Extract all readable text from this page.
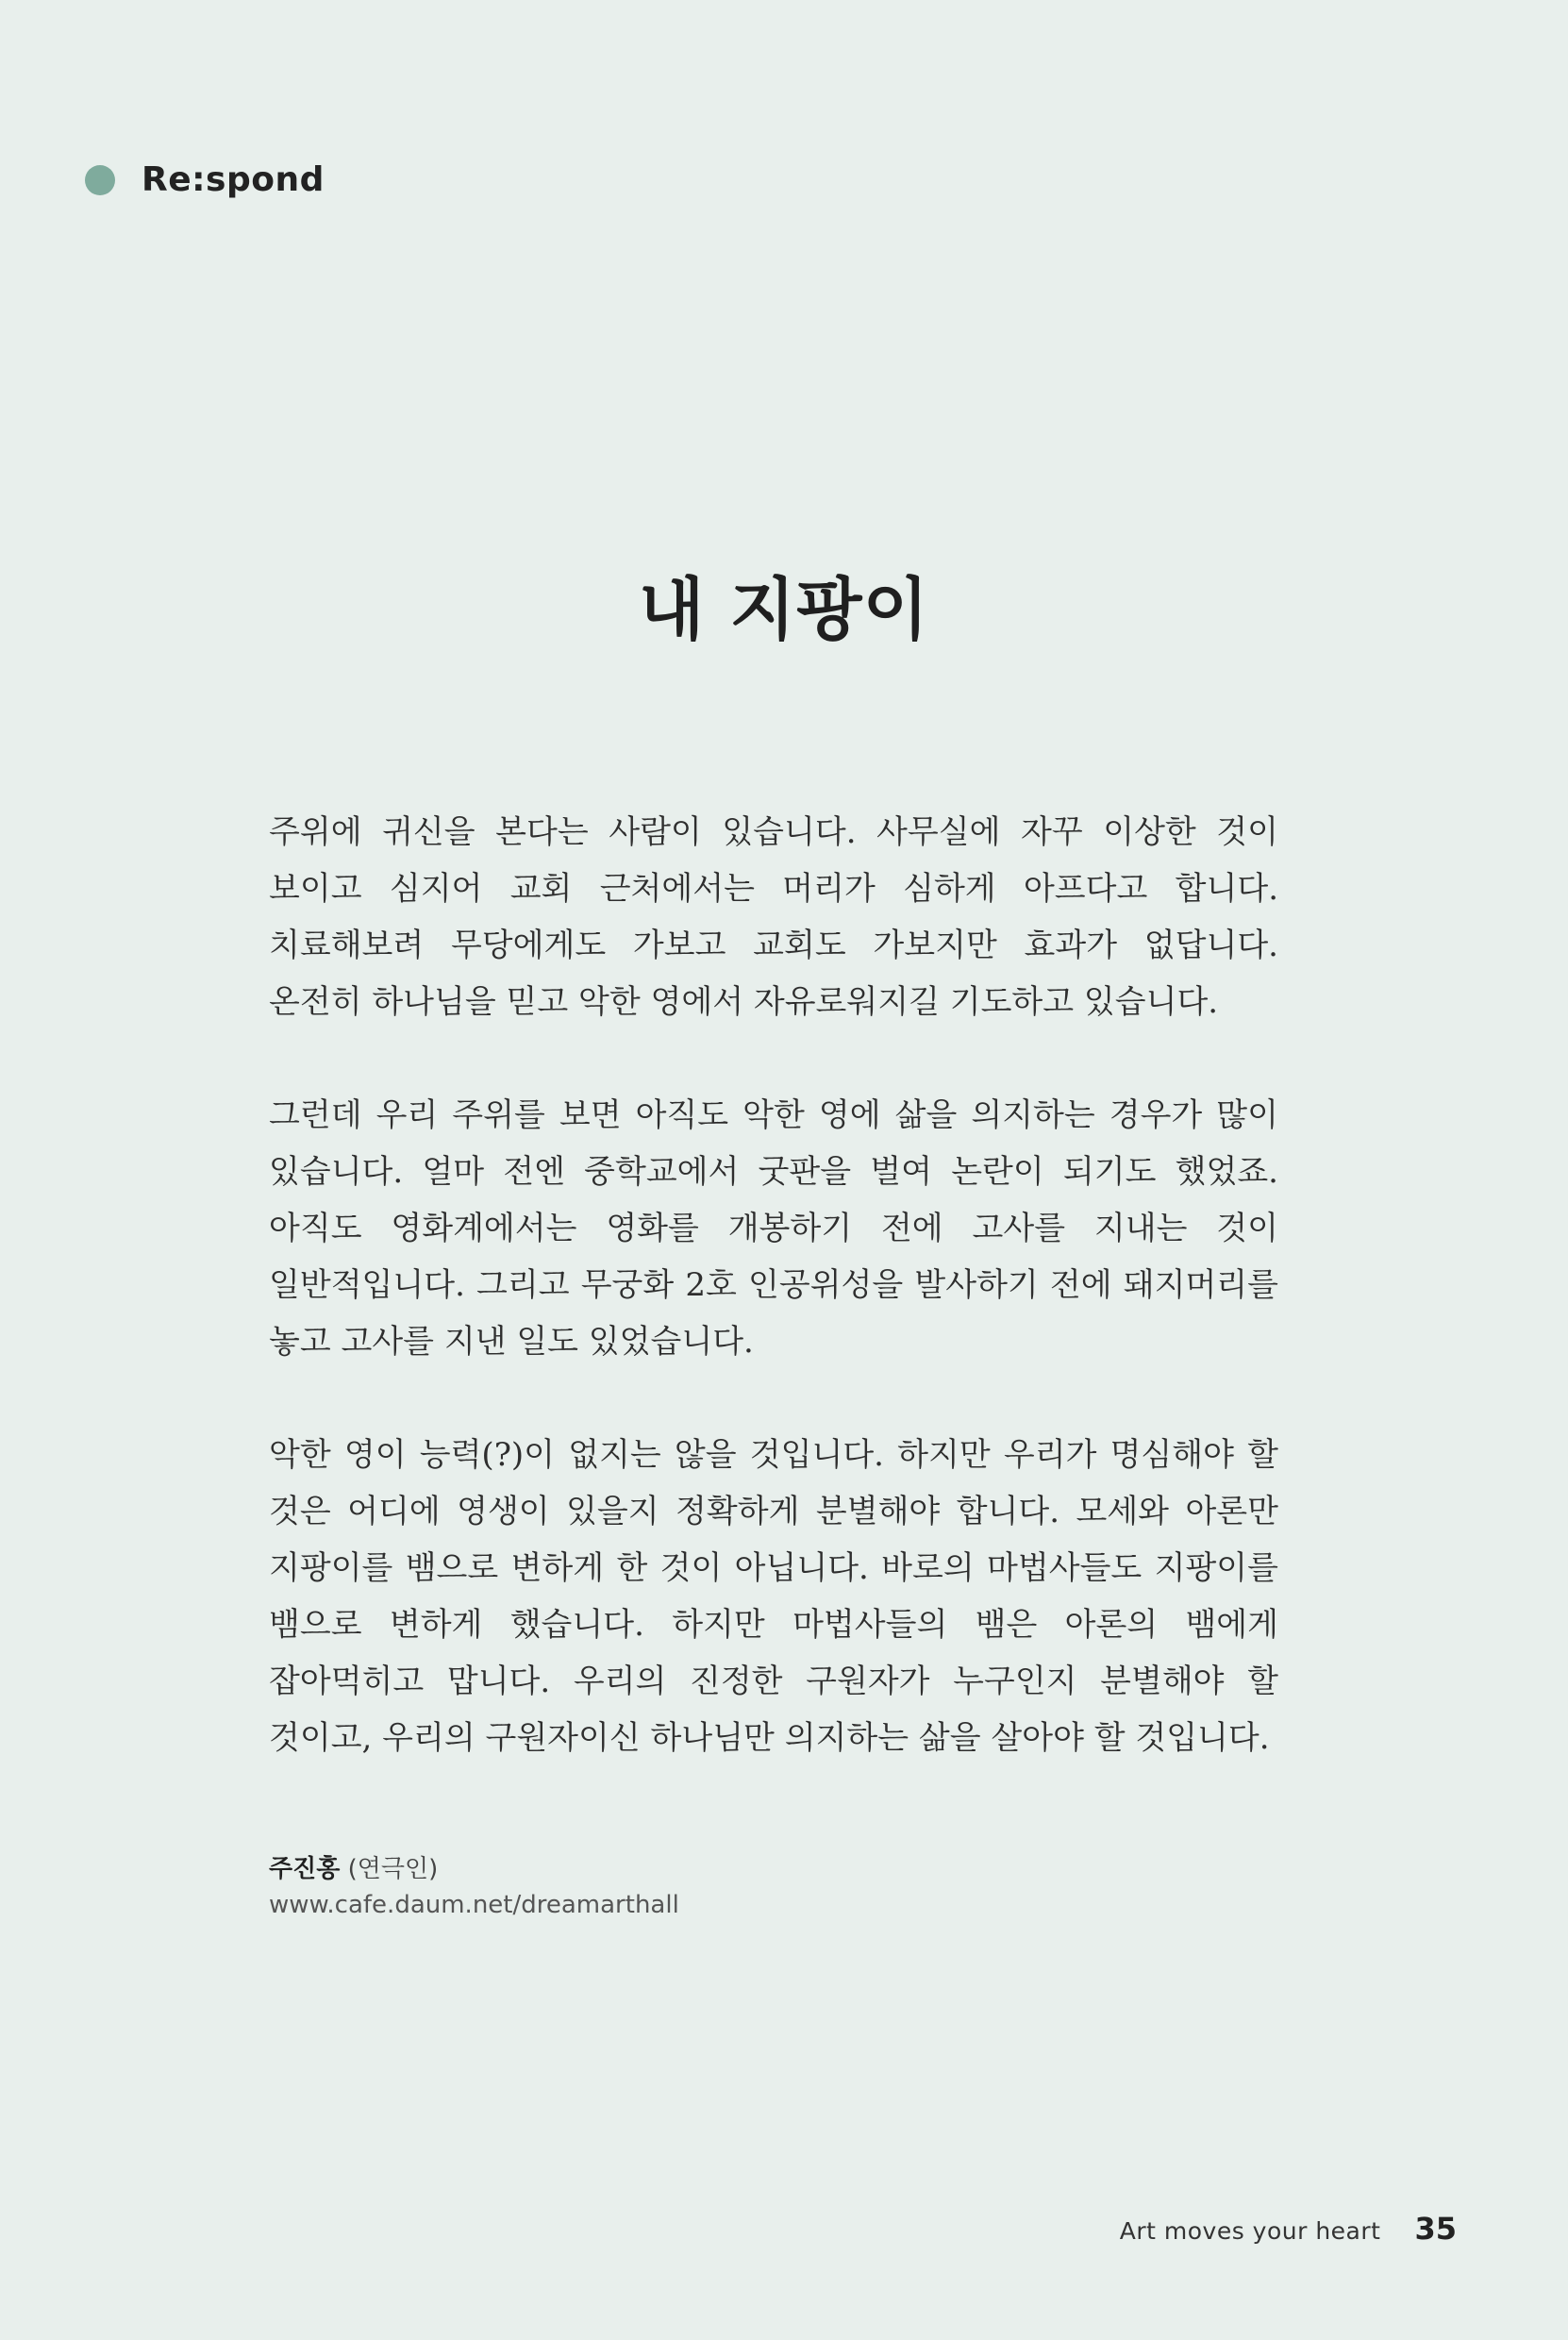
Re:spond
내 지팡이

주위에 귀신을 본다는 사람이 있습니다. 사무실에 자꾸 이상한 것이 보이고 심지어 교회 근처에서는 머리가 심하게 아프다고 합니다. 치료해보려 무당에게도 가보고 교회도 가보지만 효과가 없답니다. 온전히 하나님을 믿고 악한 영에서 자유로워지길 기도하고 있습니다.

그런데 우리 주위를 보면 아직도 악한 영에 삶을 의지하는 경우가 많이 있습니다. 얼마 전엔 중학교에서 굿판을 벌여 논란이 되기도 했었죠. 아직도 영화계에서는 영화를 개봉하기 전에 고사를 지내는 것이 일반적입니다. 그리고 무궁화 2호 인공위성을 발사하기 전에 돼지머리를 놓고 고사를 지낸 일도 있었습니다.

악한 영이 능력(?)이 없지는 않을 것입니다. 하지만 우리가 명심해야 할 것은 어디에 영생이 있을지 정확하게 분별해야 합니다. 모세와 아론만 지팡이를 뱀으로 변하게 한 것이 아닙니다. 바로의 마법사들도 지팡이를 뱀으로 변하게 했습니다. 하지만 마법사들의 뱀은 아론의 뱀에게 잡아먹히고 맙니다. 우리의 진정한 구원자가 누구인지 분별해야 할 것이고, 우리의 구원자이신 하나님만 의지하는 삶을 살아야 할 것입니다.

주진홍 (연극인)
www.cafe.daum.net/dreamarthall
Art moves your heart 35
